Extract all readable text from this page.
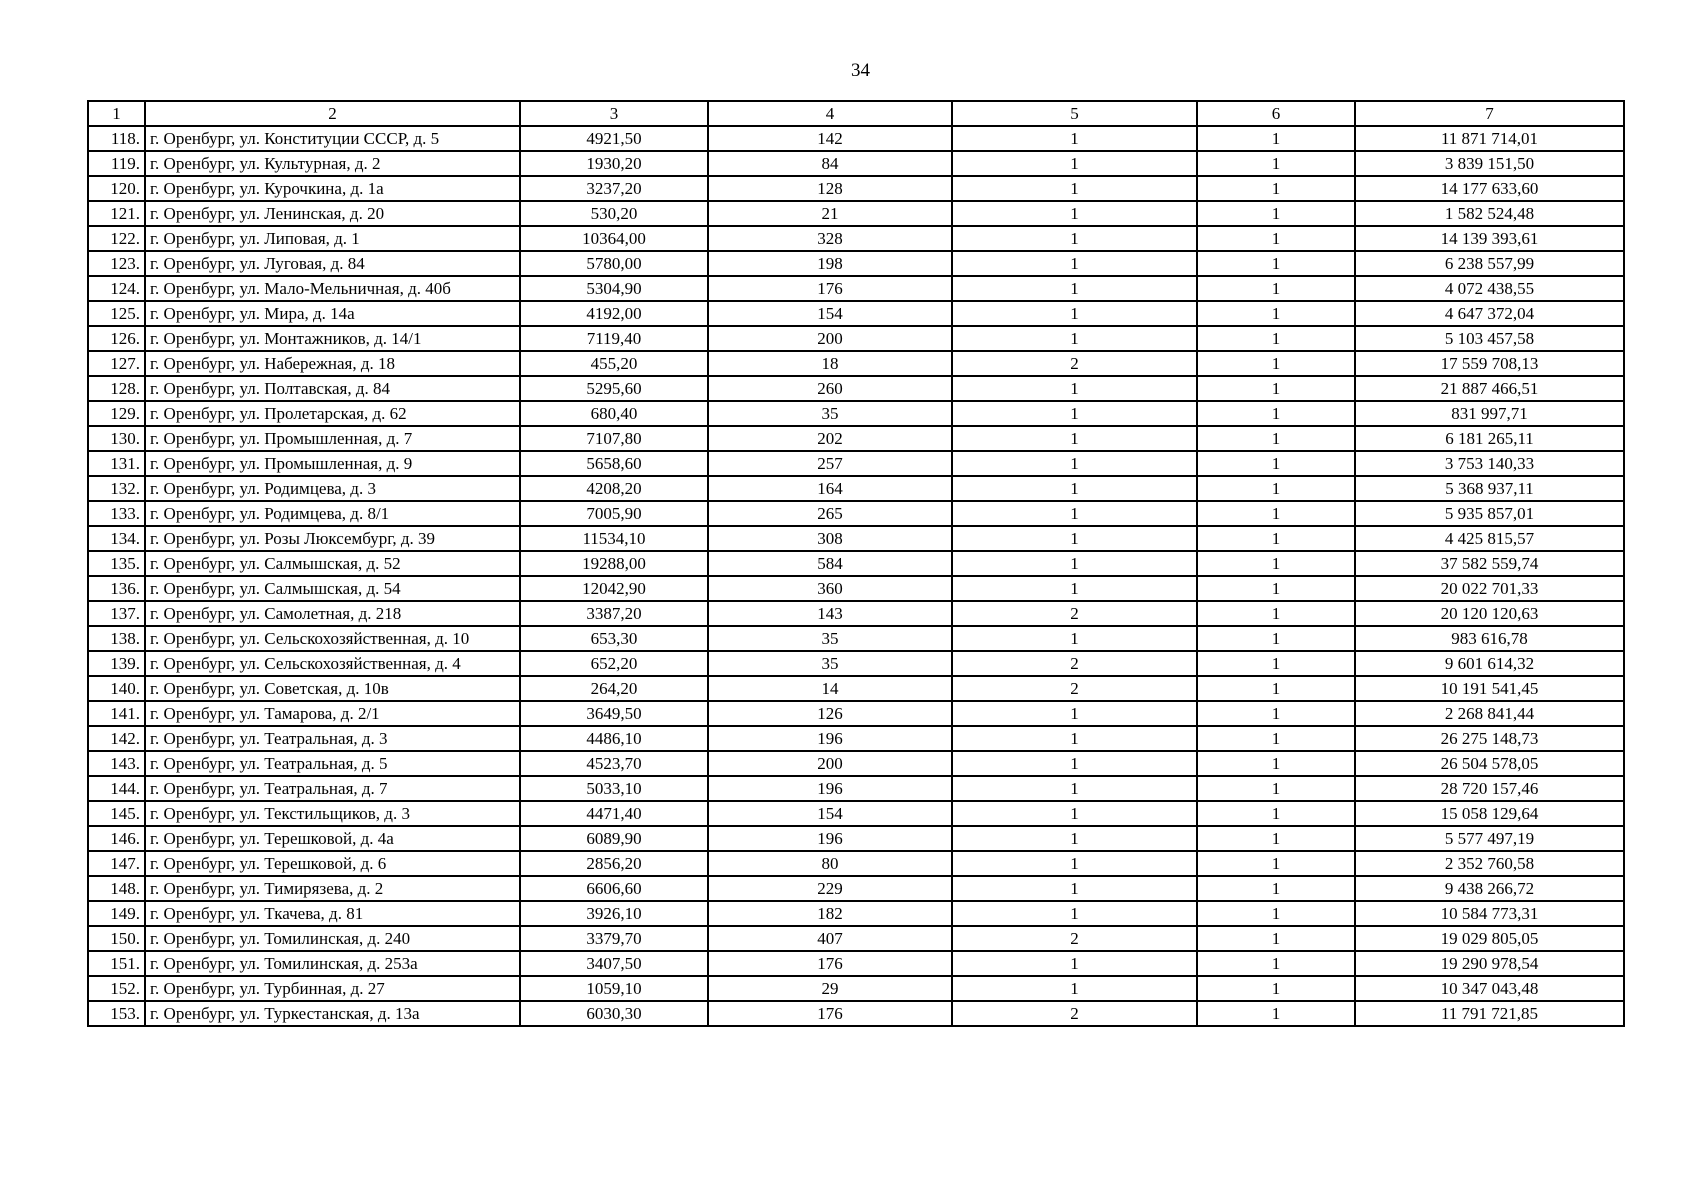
34
1	2	3	4	5	6	7
118.	г. Оренбург, ул. Конституции СССР, д. 5	4921,50	142	1	1	11 871 714,01
119.	г. Оренбург, ул. Культурная, д. 2	1930,20	84	1	1	3 839 151,50
120.	г. Оренбург, ул. Курочкина, д. 1а	3237,20	128	1	1	14 177 633,60
121.	г. Оренбург, ул. Ленинская, д. 20	530,20	21	1	1	1 582 524,48
122.	г. Оренбург, ул. Липовая, д. 1	10364,00	328	1	1	14 139 393,61
123.	г. Оренбург, ул. Луговая, д. 84	5780,00	198	1	1	6 238 557,99
124.	г. Оренбург, ул. Мало-Мельничная, д. 40б	5304,90	176	1	1	4 072 438,55
125.	г. Оренбург, ул. Мира, д. 14а	4192,00	154	1	1	4 647 372,04
126.	г. Оренбург, ул. Монтажников, д. 14/1	7119,40	200	1	1	5 103 457,58
127.	г. Оренбург, ул. Набережная, д. 18	455,20	18	2	1	17 559 708,13
128.	г. Оренбург, ул. Полтавская, д. 84	5295,60	260	1	1	21 887 466,51
129.	г. Оренбург, ул. Пролетарская, д. 62	680,40	35	1	1	831 997,71
130.	г. Оренбург, ул. Промышленная, д. 7	7107,80	202	1	1	6 181 265,11
131.	г. Оренбург, ул. Промышленная, д. 9	5658,60	257	1	1	3 753 140,33
132.	г. Оренбург, ул. Родимцева, д. 3	4208,20	164	1	1	5 368 937,11
133.	г. Оренбург, ул. Родимцева, д. 8/1	7005,90	265	1	1	5 935 857,01
134.	г. Оренбург, ул. Розы Люксембург, д. 39	11534,10	308	1	1	4 425 815,57
135.	г. Оренбург, ул. Салмышская, д. 52	19288,00	584	1	1	37 582 559,74
136.	г. Оренбург, ул. Салмышская, д. 54	12042,90	360	1	1	20 022 701,33
137.	г. Оренбург, ул. Самолетная, д. 218	3387,20	143	2	1	20 120 120,63
138.	г. Оренбург, ул. Сельскохозяйственная, д. 10	653,30	35	1	1	983 616,78
139.	г. Оренбург, ул. Сельскохозяйственная, д. 4	652,20	35	2	1	9 601 614,32
140.	г. Оренбург, ул. Советская, д. 10в	264,20	14	2	1	10 191 541,45
141.	г. Оренбург, ул. Тамарова, д. 2/1	3649,50	126	1	1	2 268 841,44
142.	г. Оренбург, ул. Театральная, д. 3	4486,10	196	1	1	26 275 148,73
143.	г. Оренбург, ул. Театральная, д. 5	4523,70	200	1	1	26 504 578,05
144.	г. Оренбург, ул. Театральная, д. 7	5033,10	196	1	1	28 720 157,46
145.	г. Оренбург, ул. Текстильщиков, д. 3	4471,40	154	1	1	15 058 129,64
146.	г. Оренбург, ул. Терешковой, д. 4а	6089,90	196	1	1	5 577 497,19
147.	г. Оренбург, ул. Терешковой, д. 6	2856,20	80	1	1	2 352 760,58
148.	г. Оренбург, ул. Тимирязева, д. 2	6606,60	229	1	1	9 438 266,72
149.	г. Оренбург, ул. Ткачева, д. 81	3926,10	182	1	1	10 584 773,31
150.	г. Оренбург, ул. Томилинская, д. 240	3379,70	407	2	1	19 029 805,05
151.	г. Оренбург, ул. Томилинская, д. 253а	3407,50	176	1	1	19 290 978,54
152.	г. Оренбург, ул. Турбинная, д. 27	1059,10	29	1	1	10 347 043,48
153.	г. Оренбург, ул. Туркестанская, д. 13а	6030,30	176	2	1	11 791 721,85
